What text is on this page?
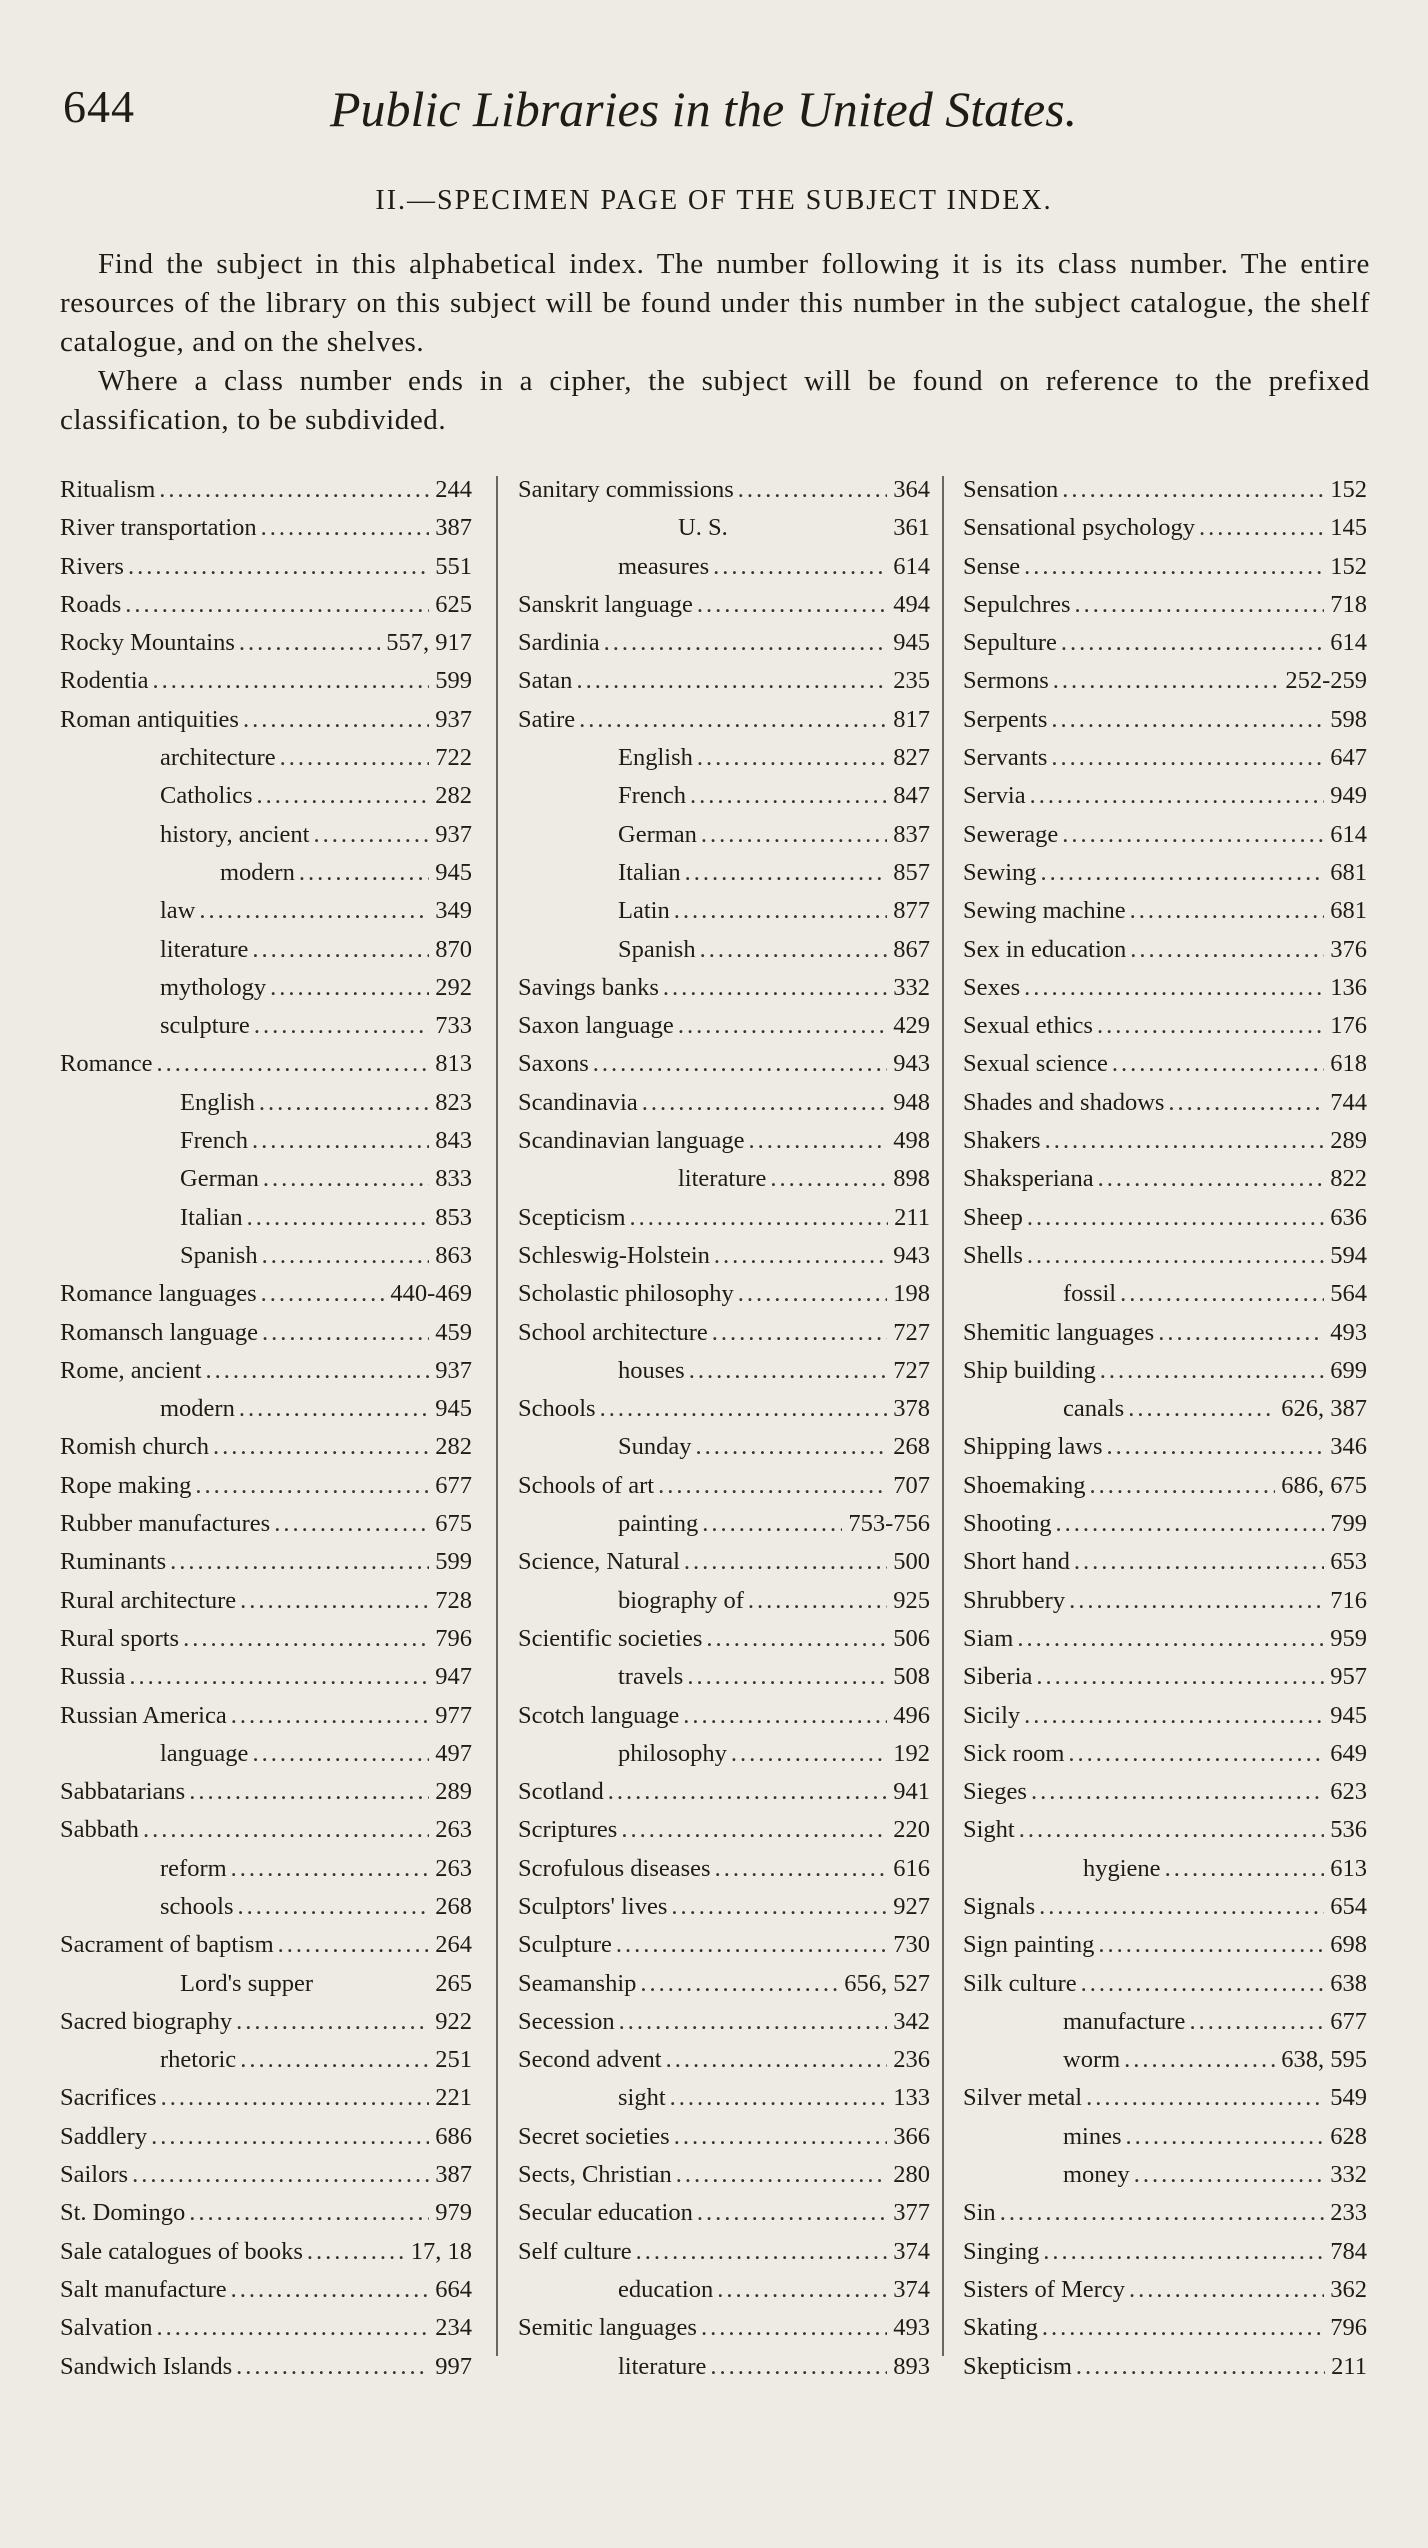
644	Public Libraries in the United States.
II.—SPECIMEN PAGE OF THE SUBJECT INDEX.

Find the subject in this alphabetical index. The number following it is its class number. The entire resources of the library on this subject will be found under this number in the subject catalogue, the shelf catalogue, and on the shelves.

Where a class number ends in a cipher, the subject will be found on reference to the prefixed classification, to be subdivided.

Ritualism .....	244
River transportation .....	387
Rivers .....	551
Roads .....	625
Rocky Mountains .....	557, 917
Rodentia .....	599
Roman antiquities .....	937
architecture .....	722
Catholics .....	282
history, ancient .....	937
modern .....	945
law .....	349
literature .....	870
mythology .....	292
sculpture .....	733
Romance .....	813
English .....	823
French .....	843
German .....	833
Italian .....	853
Spanish .....	863
Romance languages .....	440-469
Romansch language .....	459
Rome, ancient .....	937
modern .....	945
Romish church .....	282
Rope making .....	677
Rubber manufactures .....	675
Ruminants .....	599
Rural architecture .....	728
Rural sports .....	796
Russia .....	947
Russian America .....	977
language .....	497
Sabbatarians .....	289
Sabbath .....	263
reform .....	263
schools .....	268
Sacrament of baptism .....	264
Lord's supper	265
Sacred biography .....	922
rhetoric .....	251
Sacrifices .....	221
Saddlery .....	686
Sailors .....	387
St. Domingo .....	979
Sale catalogues of books .....	17, 18
Salt manufacture .....	664
Salvation .....	234
Sandwich Islands .....	997
Sanitary commissions .....	364
U. S.	361
measures .....	614
Sanskrit language .....	494
Sardinia .....	945
Satan .....	235
Satire .....	817
English .....	827
French .....	847
German .....	837
Italian .....	857
Latin .....	877
Spanish .....	867
Savings banks .....	332
Saxon language .....	429
Saxons .....	943
Scandinavia .....	948
Scandinavian language .....	498
literature .....	898
Scepticism .....	211
Schleswig-Holstein .....	943
Scholastic philosophy .....	198
School architecture .....	727
houses .....	727
Schools .....	378
Sunday .....	268
Schools of art .....	707
painting .....	753-756
Science, Natural .....	500
biography of .....	925
Scientific societies .....	506
travels .....	508
Scotch language .....	496
philosophy .....	192
Scotland .....	941
Scriptures .....	220
Scrofulous diseases .....	616
Sculptors' lives .....	927
Sculpture .....	730
Seamanship .....	656, 527
Secession .....	342
Second advent .....	236
sight .....	133
Secret societies .....	366
Sects, Christian .....	280
Secular education .....	377
Self culture .....	374
education .....	374
Semitic languages .....	493
literature .....	893
Sensation .....	152
Sensational psychology .....	145
Sense .....	152
Sepulchres .....	718
Sepulture .....	614
Sermons .....	252-259
Serpents .....	598
Servants .....	647
Servia .....	949
Sewerage .....	614
Sewing .....	681
Sewing machine .....	681
Sex in education .....	376
Sexes .....	136
Sexual ethics .....	176
Sexual science .....	618
Shades and shadows .....	744
Shakers .....	289
Shaksperiana .....	822
Sheep .....	636
Shells .....	594
fossil .....	564
Shemitic languages .....	493
Ship building .....	699
canals .....	626, 387
Shipping laws .....	346
Shoemaking .....	686, 675
Shooting .....	799
Short hand .....	653
Shrubbery .....	716
Siam .....	959
Siberia .....	957
Sicily .....	945
Sick room .....	649
Sieges .....	623
Sight .....	536
hygiene .....	613
Signals .....	654
Sign painting .....	698
Silk culture .....	638
manufacture .....	677
worm .....	638, 595
Silver metal .....	549
mines .....	628
money .....	332
Sin .....	233
Singing .....	784
Sisters of Mercy .....	362
Skating .....	796
Skepticism .....	211
